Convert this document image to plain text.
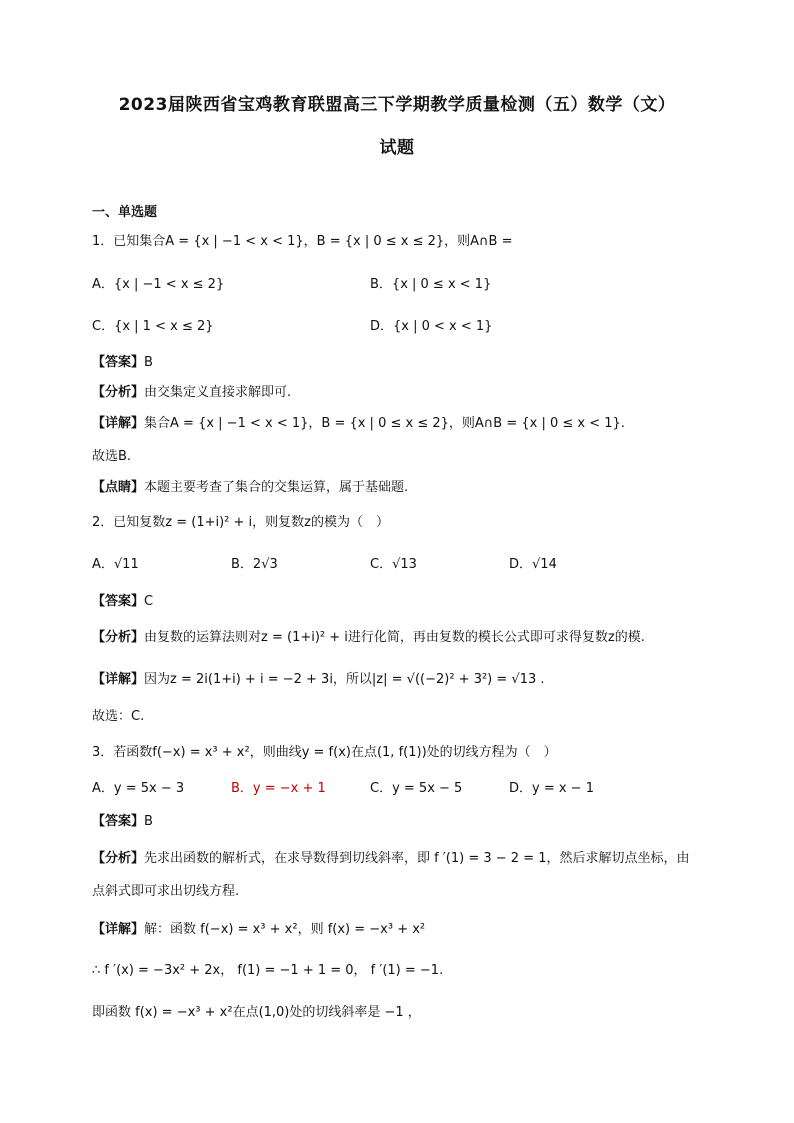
2023届陕西省宝鸡教育联盟高三下学期教学质量检测（五）数学（文）
试题
一、单选题
1．已知集合A = {x | −1 < x < 1}，B = {x | 0 ≤ x ≤ 2}，则A∩B =
A．{x | −1 < x ≤ 2}	B．{x | 0 ≤ x < 1}
C．{x | 1 < x ≤ 2}	D．{x | 0 < x < 1}
【答案】B
【分析】由交集定义直接求解即可.
【详解】集合A = {x | −1 < x < 1}，B = {x | 0 ≤ x ≤ 2}，则A∩B = {x | 0 ≤ x < 1}.
故选B.
【点睛】本题主要考查了集合的交集运算，属于基础题.
2．已知复数z = (1+i)² + i，则复数z的模为（　）
A．√11	B．2√3	C．√13	D．√14
【答案】C
【分析】由复数的运算法则对z = (1+i)² + i进行化简，再由复数的模长公式即可求得复数z的模.
【详解】因为z = 2i(1+i) + i = −2 + 3i，所以|z| = √((−2)² + 3²) = √13 .
故选：C.
3．若函数f(−x) = x³ + x²，则曲线y = f(x)在点(1, f(1))处的切线方程为（　）
A．y = 5x − 3	B．y = −x + 1	C．y = 5x − 5	D．y = x − 1
【答案】B
【分析】先求出函数的解析式，在求导数得到切线斜率，即 f ′(1) = 3 − 2 = 1，然后求解切点坐标，由
点斜式即可求出切线方程.
【详解】解：函数 f(−x) = x³ + x²，则 f(x) = −x³ + x²
∴ f ′(x) = −3x² + 2x， f(1) = −1 + 1 = 0， f ′(1) = −1.
即函数 f(x) = −x³ + x²在点(1,0)处的切线斜率是 −1 ，
